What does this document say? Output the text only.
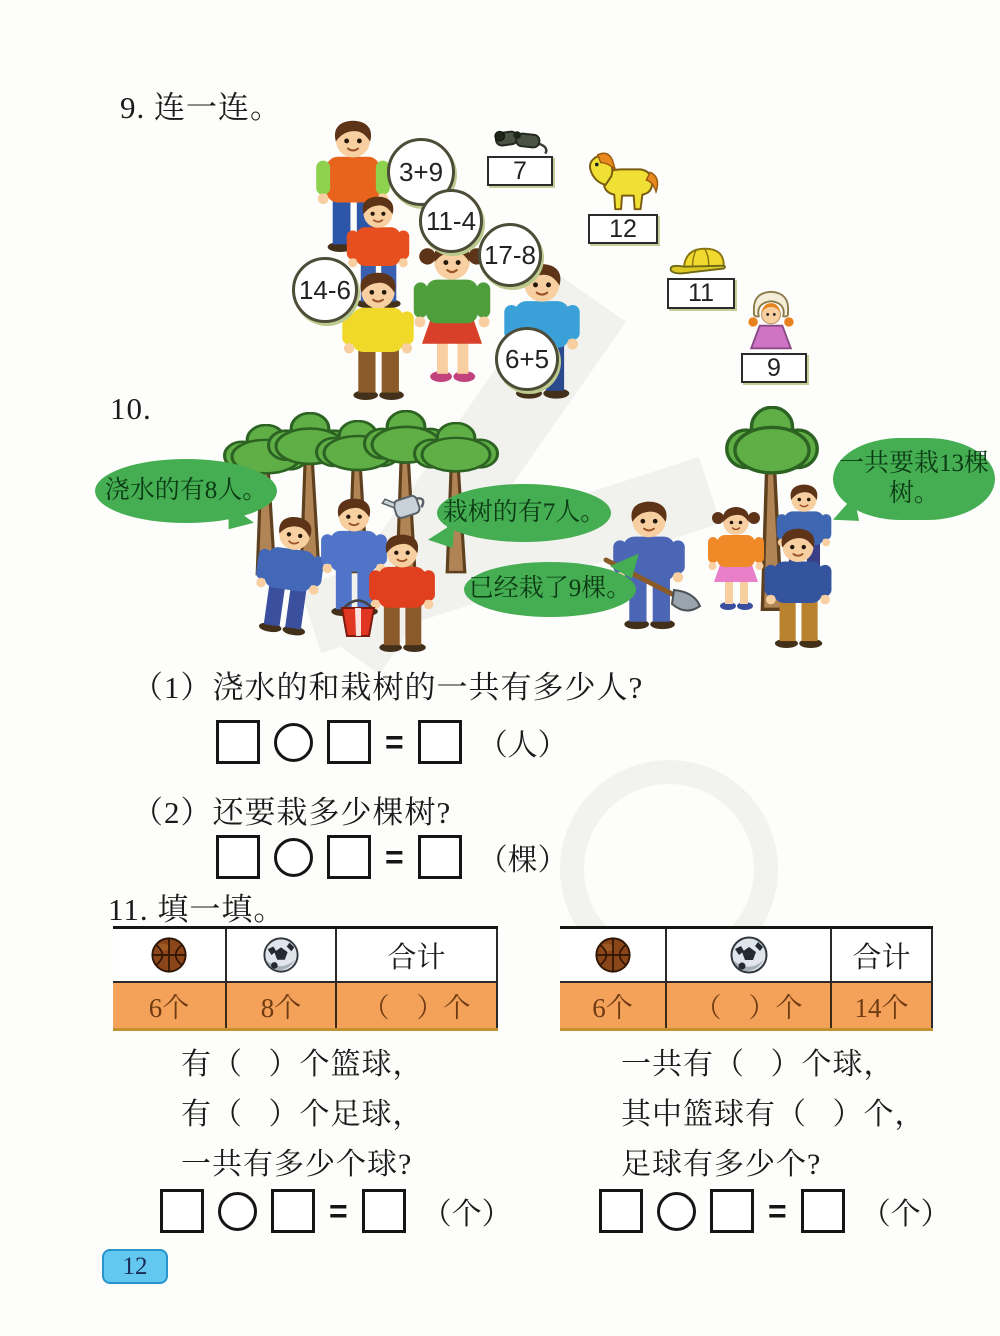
9. 连一连。
3+9
11-4
17-8
14-6
6+5
7
12
11
9
10.
浇水的有8人。
栽树的有7人。
已经栽了9棵。
一共要栽13棵树。
（1）浇水的和栽树的一共有多少人?
= （人）
（2）还要栽多少棵树?
= （棵）
11. 填一填。
合计
6个	8个	（    ）个
合计
6个	（    ）个	14个
有（   ）个篮球，
有（   ）个足球，
一共有多少个球?
一共有（   ）个球，
其中篮球有（   ）个，
足球有多少个?
= （个）	= （个）
12
